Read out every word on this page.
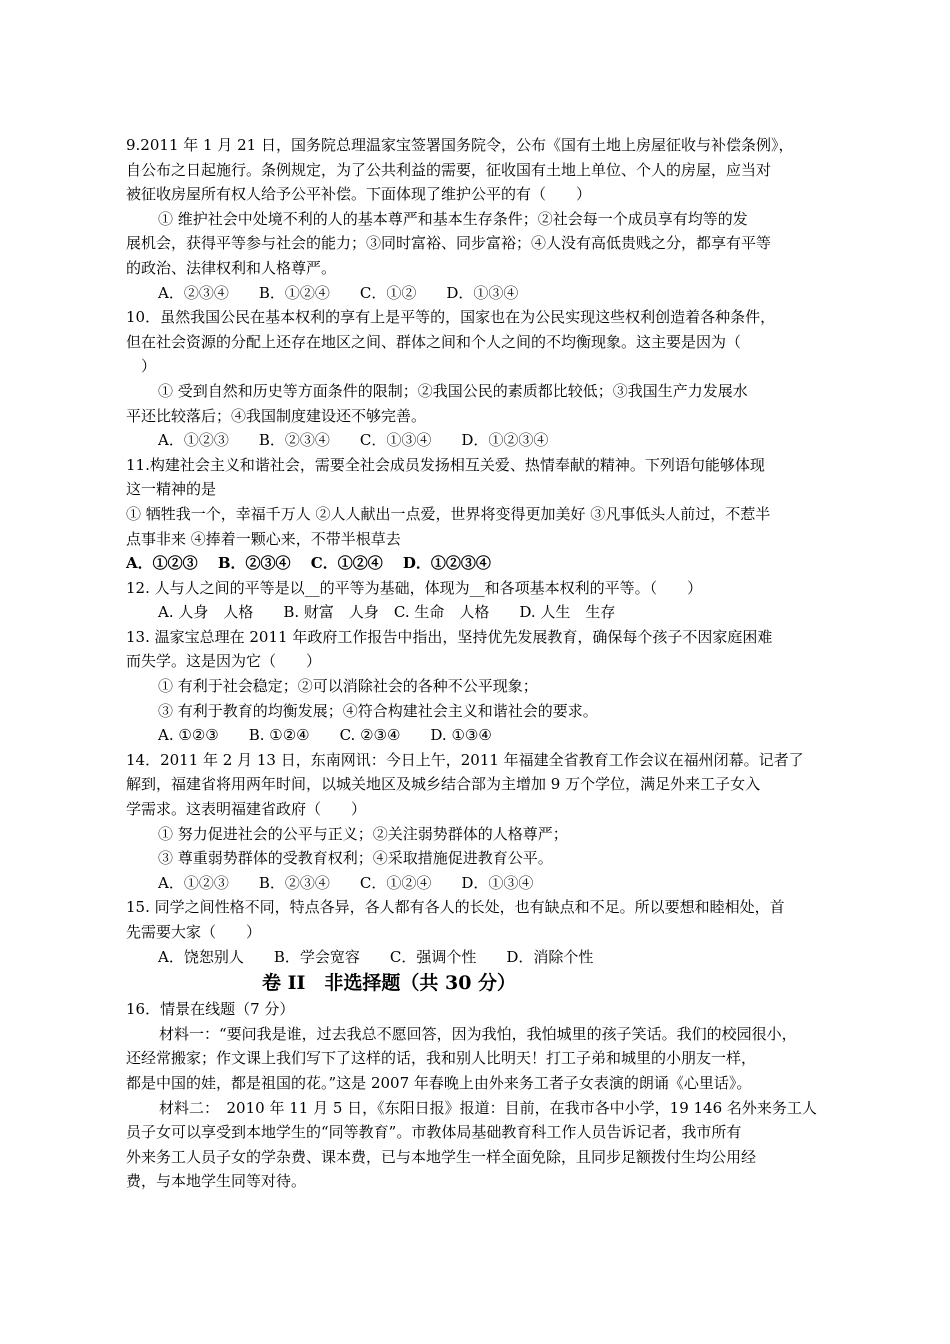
9.2011 年 1 月 21 日，国务院总理温家宝签署国务院令，公布《国有土地上房屋征收与补偿条例》，
自公布之日起施行。条例规定，为了公共利益的需要，征收国有土地上单位、个人的房屋，应当对
被征收房屋所有权人给予公平补偿。下面体现了维护公平的有（　　）
① 维护社会中处境不利的人的基本尊严和基本生存条件；②社会每一个成员享有均等的发
展机会，获得平等参与社会的能力；③同时富裕、同步富裕；④人没有高低贵贱之分，都享有平等
的政治、法律权利和人格尊严。
A．②③④　　B．①②④　　C．①②　　D．①③④
10．虽然我国公民在基本权利的享有上是平等的，国家也在为公民实现这些权利创造着各种条件，
但在社会资源的分配上还存在地区之间、群体之间和个人之间的不均衡现象。这主要是因为（
　）
① 受到自然和历史等方面条件的限制；②我国公民的素质都比较低；③我国生产力发展水
平还比较落后；④我国制度建设还不够完善。
A．①②③　　B．②③④　　C．①③④　　D．①②③④
11.构建社会主义和谐社会，需要全社会成员发扬相互关爱、热情奉献的精神。下列语句能够体现
这一精神的是
① 牺牲我一个，幸福千万人 ②人人献出一点爱，世界将变得更加美好 ③凡事低头人前过，不惹半
点事非来 ④捧着一颗心来，不带半根草去
A．①②③　 B．②③④　 C．①②④　 D．①②③④
12. 人与人之间的平等是以__的平等为基础，体现为__和各项基本权利的平等。（　　）
A. 人身　人格　　B. 财富　人身　C. 生命　人格　　D. 人生　生存
13. 温家宝总理在 2011 年政府工作报告中指出，坚持优先发展教育，确保每个孩子不因家庭困难
而失学。这是因为它（　　）
① 有利于社会稳定；②可以消除社会的各种不公平现象；
③ 有利于教育的均衡发展；④符合构建社会主义和谐社会的要求。
A. ①②③　　B. ①②④　　C. ②③④　　D. ①③④
14．2011 年 2 月 13 日，东南网讯：今日上午，2011 年福建全省教育工作会议在福州闭幕。记者了
解到，福建省将用两年时间，以城关地区及城乡结合部为主增加 9 万个学位，满足外来工子女入
学需求。这表明福建省政府（　　）
① 努力促进社会的公平与正义；②关注弱势群体的人格尊严；
③ 尊重弱势群体的受教育权利；④采取措施促进教育公平。
A．①②③　　B．②③④　　C．①②④　　D．①③④
15. 同学之间性格不同，特点各异，各人都有各人的长处，也有缺点和不足。所以要想和睦相处，首
先需要大家（　　）
A．饶恕别人　　B．学会宽容　　C．强调个性　　D．消除个性
卷 II　非选择题（共 30 分）
16．情景在线题（7 分）
　材料一：“要问我是谁，过去我总不愿回答，因为我怕，我怕城里的孩子笑话。我们的校园很小，
还经常搬家；作文课上我们写下了这样的话，我和别人比明天！打工子弟和城里的小朋友一样，
都是中国的娃，都是祖国的花。”这是 2007 年春晚上由外来务工者子女表演的朗诵《心里话》。
　材料二：　2010 年 11 月 5 日，《东阳日报》报道：目前，在我市各中小学，19 146 名外来务工人
员子女可以享受到本地学生的“同等教育”。市教体局基础教育科工作人员告诉记者，我市所有
外来务工人员子女的学杂费、课本费，已与本地学生一样全面免除，且同步足额拨付生均公用经
费，与本地学生同等对待。
